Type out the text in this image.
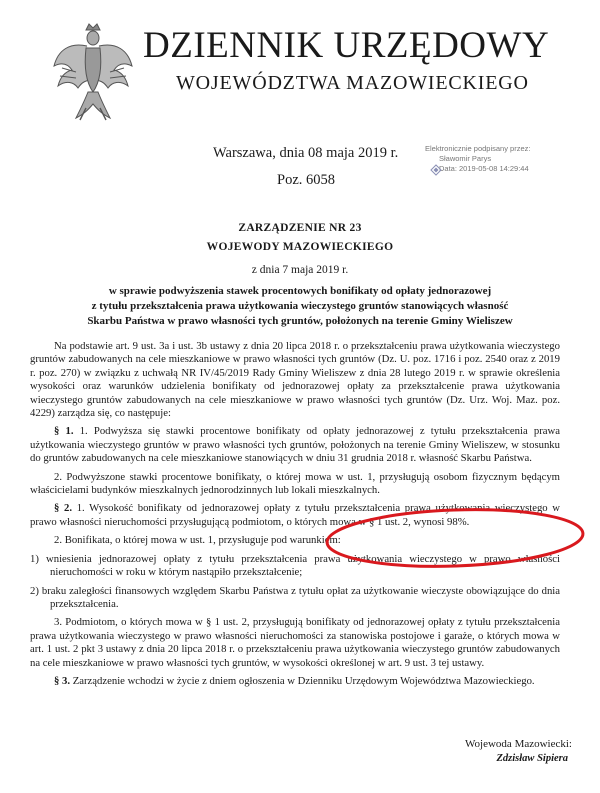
DZIENNIK URZĘDOWY
WOJEWÓDZTWA MAZOWIECKIEGO
Warszawa, dnia 08 maja 2019 r.
Poz. 6058
Elektronicznie podpisany przez:
Sławomir Parys
Data: 2019-05-08 14:29:44
ZARZĄDZENIE NR 23
WOJEWODY MAZOWIECKIEGO
z dnia 7 maja 2019 r.
w sprawie podwyższenia stawek procentowych bonifikaty od opłaty jednorazowej
z tytułu przekształcenia prawa użytkowania wieczystego gruntów stanowiących własność
Skarbu Państwa w prawo własności tych gruntów, położonych na terenie Gminy Wieliszew

Na podstawie art. 9 ust. 3a i ust. 3b ustawy z dnia 20 lipca 2018 r. o przekształceniu prawa użytkowania wieczystego gruntów zabudowanych na cele mieszkaniowe w prawo własności tych gruntów (Dz. U. poz. 1716 i poz. 2540 oraz z 2019 r. poz. 270) w związku z uchwałą NR IV/45/2019 Rady Gminy Wieliszew z dnia 28 lutego 2019 r. w sprawie określenia wysokości oraz warunków udzielenia bonifikaty od jednorazowej opłaty za przekształcenie prawa użytkowania wieczystego gruntów zabudowanych na cele mieszkaniowe w prawo własności tych gruntów (Dz. Urz. Woj. Maz. poz. 4229) zarządza się, co następuje:

§ 1. 1. Podwyższa się stawki procentowe bonifikaty od opłaty jednorazowej z tytułu przekształcenia prawa użytkowania wieczystego gruntów w prawo własności tych gruntów, położonych na terenie Gminy Wieliszew, w stosunku do gruntów zabudowanych na cele mieszkaniowe stanowiących w dniu 31 grudnia 2018 r. własność Skarbu Państwa.

2. Podwyższone stawki procentowe bonifikaty, o której mowa w ust. 1, przysługują osobom fizycznym będącym właścicielami budynków mieszkalnych jednorodzinnych lub lokali mieszkalnych.

§ 2. 1. Wysokość bonifikaty od jednorazowej opłaty z tytułu przekształcenia prawa użytkowania wieczystego w prawo własności nieruchomości przysługującą podmiotom, o których mowa w § 1 ust. 2, wynosi 98%.

2. Bonifikata, o której mowa w ust. 1, przysługuje pod warunkiem:

1) wniesienia jednorazowej opłaty z tytułu przekształcenia prawa użytkowania wieczystego w prawo własności nieruchomości w roku w którym nastąpiło przekształcenie;

2) braku zaległości finansowych względem Skarbu Państwa z tytułu opłat za użytkowanie wieczyste obowiązujące do dnia przekształcenia.

3. Podmiotom, o których mowa w § 1 ust. 2, przysługują bonifikaty od jednorazowej opłaty z tytułu przekształcenia prawa użytkowania wieczystego w prawo własności nieruchomości za stanowiska postojowe i garaże, o których mowa w art. 1 ust. 2 pkt 3 ustawy z dnia 20 lipca 2018 r. o przekształceniu prawa użytkowania wieczystego gruntów zabudowanych na cele mieszkaniowe w prawo własności tych gruntów, w wysokości określonej w art. 9 ust. 3 tej ustawy.

§ 3. Zarządzenie wchodzi w życie z dniem ogłoszenia w Dzienniku Urzędowym Województwa Mazowieckiego.

Wojewoda Mazowiecki:
Zdzisław Sipiera
